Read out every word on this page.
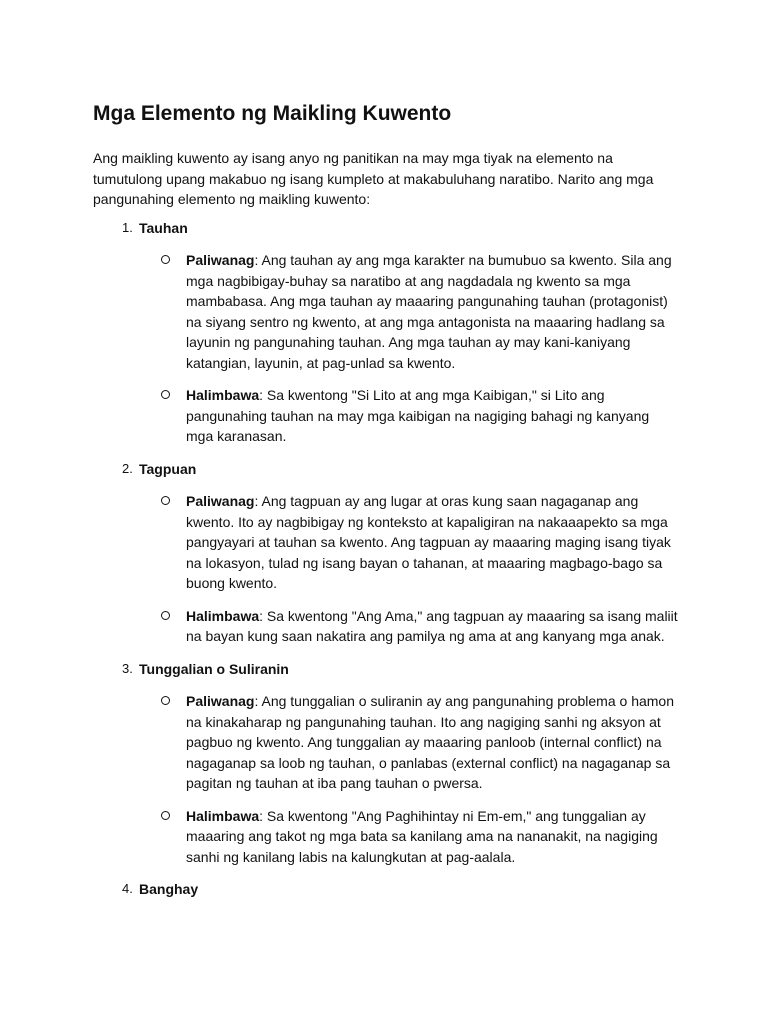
Mga Elemento ng Maikling Kuwento

Ang maikling kuwento ay isang anyo ng panitikan na may mga tiyak na elemento na tumutulong upang makabuo ng isang kumpleto at makabuluhang naratibo. Narito ang mga pangunahing elemento ng maikling kuwento:

1. Tauhan
Paliwanag: Ang tauhan ay ang mga karakter na bumubuo sa kwento. Sila ang mga nagbibigay-buhay sa naratibo at ang nagdadala ng kwento sa mga mambabasa. Ang mga tauhan ay maaaring pangunahing tauhan (protagonist) na siyang sentro ng kwento, at ang mga antagonista na maaaring hadlang sa layunin ng pangunahing tauhan. Ang mga tauhan ay may kani-kaniyang katangian, layunin, at pag-unlad sa kwento.
Halimbawa: Sa kwentong "Si Lito at ang mga Kaibigan," si Lito ang pangunahing tauhan na may mga kaibigan na nagiging bahagi ng kanyang mga karanasan.
2. Tagpuan
Paliwanag: Ang tagpuan ay ang lugar at oras kung saan nagaganap ang kwento. Ito ay nagbibigay ng konteksto at kapaligiran na nakaaapekto sa mga pangyayari at tauhan sa kwento. Ang tagpuan ay maaaring maging isang tiyak na lokasyon, tulad ng isang bayan o tahanan, at maaaring magbago-bago sa buong kwento.
Halimbawa: Sa kwentong "Ang Ama," ang tagpuan ay maaaring sa isang maliit na bayan kung saan nakatira ang pamilya ng ama at ang kanyang mga anak.
3. Tunggalian o Suliranin
Paliwanag: Ang tunggalian o suliranin ay ang pangunahing problema o hamon na kinakaharap ng pangunahing tauhan. Ito ang nagiging sanhi ng aksyon at pagbuo ng kwento. Ang tunggalian ay maaaring panloob (internal conflict) na nagaganap sa loob ng tauhan, o panlabas (external conflict) na nagaganap sa pagitan ng tauhan at iba pang tauhan o pwersa.
Halimbawa: Sa kwentong "Ang Paghihintay ni Em-em," ang tunggalian ay maaaring ang takot ng mga bata sa kanilang ama na nananakit, na nagiging sanhi ng kanilang labis na kalungkutan at pag-aalala.
4. Banghay
